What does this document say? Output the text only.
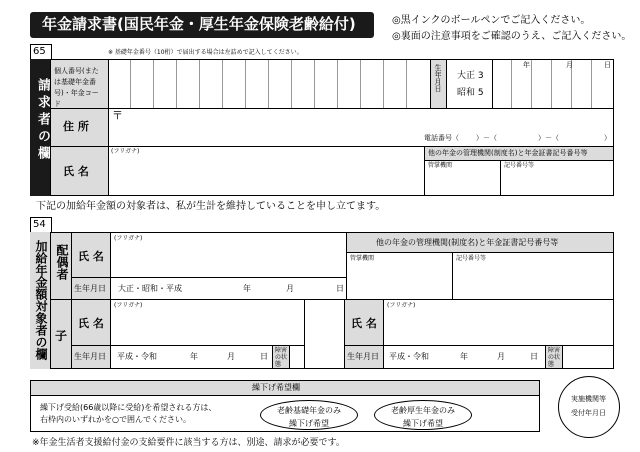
年金請求書(国民年金・厚生年金保険老齢給付)	◎黒インクのボールペンでご記入ください。
◎裏面の注意事項をご確認のうえ、ご記入ください。
65
請求者の欄
※ 基礎年金番号（10桁）で届出する場合は左詰めで記入してください。
個人番号(または基礎年金番号)・年金コード
生年月日 大正 3
昭和 5
年	月	日
住 所
〒
電話番号（ ）－（	）－（	）
氏 名
(フリガナ)	他の年金の管理機関(制度名)と年金証書記号番号等
管掌機関	記号番号等
下記の加給年金額の対象者は、私が生計を維持していることを申し立てます。
54
加給年金額対象者の欄 配偶者 氏 名
(フリガナ)
生年月日 大正・昭和・平成	年	月	日
他の年金の管理機関(制度名)と年金証書記号番号等
管掌機関	記号番号等
子
氏 名
(フリガナ)
生年月日 平成・令和	年	月	日
障害の状態
氏 名
(フリガナ)
生年月日 平成・令和	年	月	日
障害の状態
繰下げ希望欄
繰下げ受給(66歳以降に受給)を希望される方は、
右枠内のいずれかを○で囲んでください。
老齢基礎年金のみ
繰下げ希望
老齢厚生年金のみ
繰下げ希望
実施機関等
受付年月日
※年金生活者支援給付金の支給要件に該当する方は、別途、請求が必要です。
